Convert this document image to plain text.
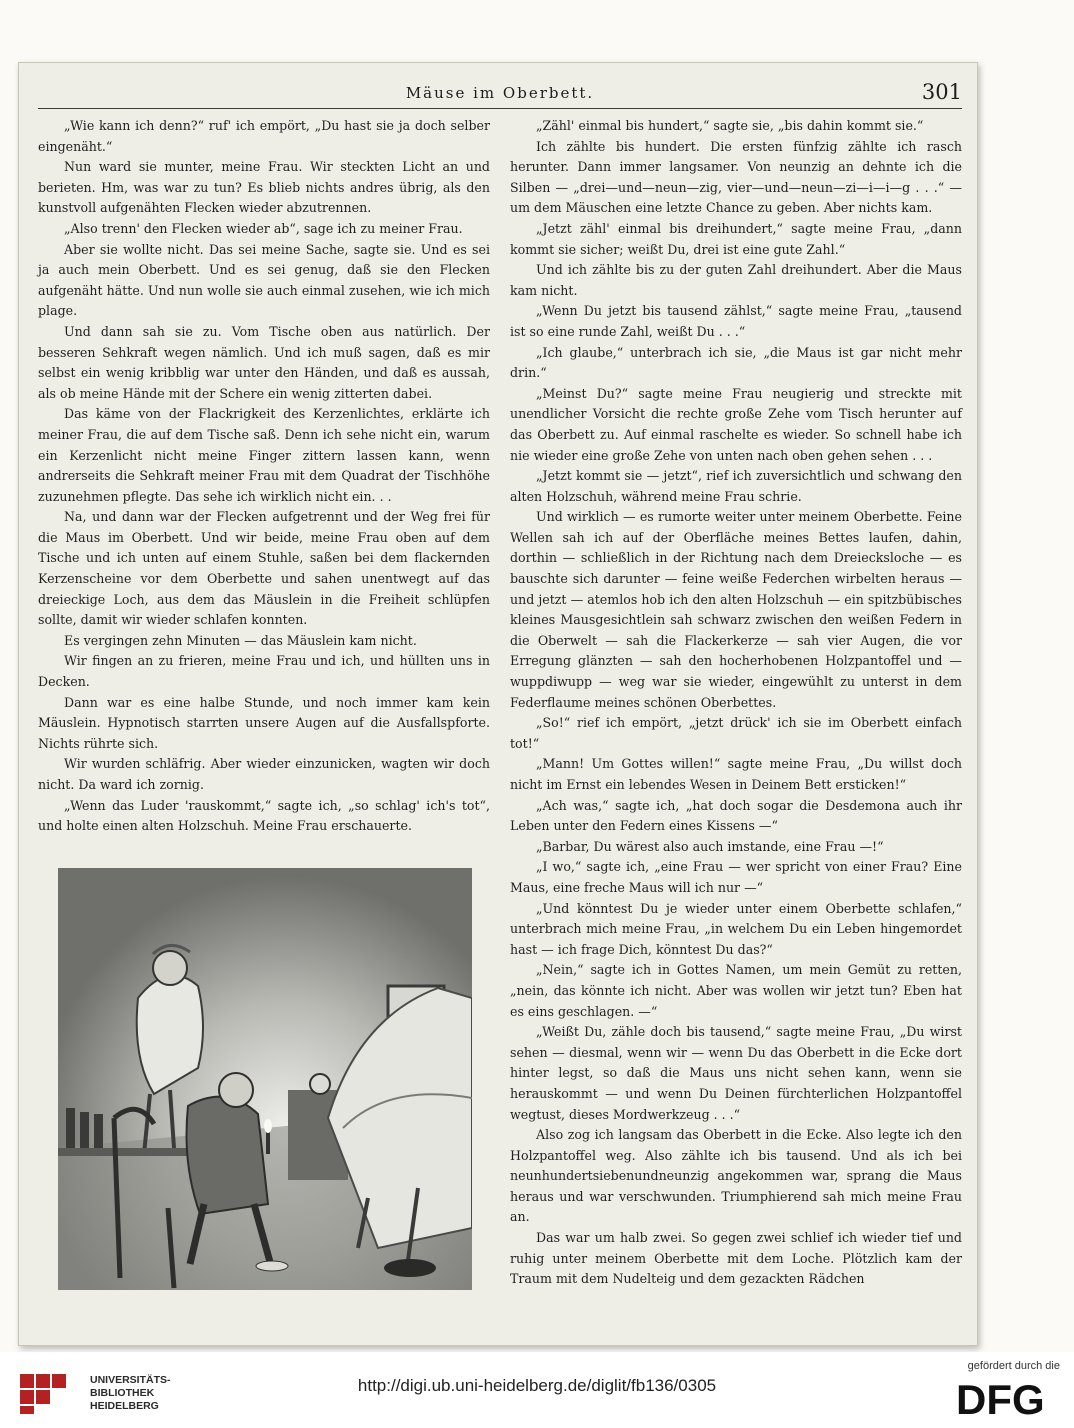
Mäuse im Oberbett.	301

„Wie kann ich denn?“ ruf' ich empört, „Du hast sie ja doch selber eingenäht.“

Nun ward sie munter, meine Frau. Wir steckten Licht an und berieten. Hm, was war zu tun? Es blieb nichts andres übrig, als den kunstvoll aufgenähten Flecken wieder abzutrennen.

„Also trenn' den Flecken wieder ab“, sage ich zu meiner Frau.

Aber sie wollte nicht. Das sei meine Sache, sagte sie. Und es sei ja auch mein Oberbett. Und es sei genug, daß sie den Flecken aufgenäht hätte. Und nun wolle sie auch einmal zusehen, wie ich mich plage.

Und dann sah sie zu. Vom Tische oben aus natürlich. Der besseren Sehkraft wegen nämlich. Und ich muß sagen, daß es mir selbst ein wenig kribblig war unter den Händen, und daß es aussah, als ob meine Hände mit der Schere ein wenig zitterten dabei.

Das käme von der Flackrigkeit des Kerzenlichtes, erklärte ich meiner Frau, die auf dem Tische saß. Denn ich sehe nicht ein, warum ein Kerzenlicht nicht meine Finger zittern lassen kann, wenn andrerseits die Sehkraft meiner Frau mit dem Quadrat der Tischhöhe zuzunehmen pflegte. Das sehe ich wirklich nicht ein. . .

Na, und dann war der Flecken aufgetrennt und der Weg frei für die Maus im Oberbett. Und wir beide, meine Frau oben auf dem Tische und ich unten auf einem Stuhle, saßen bei dem flackernden Kerzenscheine vor dem Oberbette und sahen unentwegt auf das dreieckige Loch, aus dem das Mäuslein in die Freiheit schlüpfen sollte, damit wir wieder schlafen konnten.

Es vergingen zehn Minuten — das Mäuslein kam nicht.

Wir fingen an zu frieren, meine Frau und ich, und hüllten uns in Decken.

Dann war es eine halbe Stunde, und noch immer kam kein Mäuslein. Hypnotisch starrten unsere Augen auf die Ausfallspforte. Nichts rührte sich.

Wir wurden schläfrig. Aber wieder einzunicken, wagten wir doch nicht. Da ward ich zornig.

„Wenn das Luder 'rauskommt,“ sagte ich, „so schlag' ich's tot“, und holte einen alten Holzschuh. Meine Frau erschauerte.

„Zähl' einmal bis hundert,“ sagte sie, „bis dahin kommt sie.“

Ich zählte bis hundert. Die ersten fünfzig zählte ich rasch herunter. Dann immer langsamer. Von neunzig an dehnte ich die Silben — „drei—und—neun—zig, vier—und—neun—zi—i—i—g . . .“ — um dem Mäuschen eine letzte Chance zu geben. Aber nichts kam.

„Jetzt zähl' einmal bis dreihundert,“ sagte meine Frau, „dann kommt sie sicher; weißt Du, drei ist eine gute Zahl.“

Und ich zählte bis zu der guten Zahl dreihundert. Aber die Maus kam nicht.

„Wenn Du jetzt bis tausend zählst,“ sagte meine Frau, „tausend ist so eine runde Zahl, weißt Du . . .“

„Ich glaube,“ unterbrach ich sie, „die Maus ist gar nicht mehr drin.“

„Meinst Du?“ sagte meine Frau neugierig und streckte mit unendlicher Vorsicht die rechte große Zehe vom Tisch herunter auf das Oberbett zu. Auf einmal raschelte es wieder. So schnell habe ich nie wieder eine große Zehe von unten nach oben gehen sehen . . .

„Jetzt kommt sie — jetzt“, rief ich zuversichtlich und schwang den alten Holzschuh, während meine Frau schrie.

Und wirklich — es rumorte weiter unter meinem Oberbette. Feine Wellen sah ich auf der Oberfläche meines Bettes laufen, dahin, dorthin — schließlich in der Richtung nach dem Dreiecksloche — es bauschte sich darunter — feine weiße Federchen wirbelten heraus — und jetzt — atemlos hob ich den alten Holzschuh — ein spitzbübisches kleines Mausgesichtlein sah schwarz zwischen den weißen Federn in die Oberwelt — sah die Flackerkerze — sah vier Augen, die vor Erregung glänzten — sah den hocherhobenen Holzpantoffel und — wuppdiwupp — weg war sie wieder, eingewühlt zu unterst in dem Federflaume meines schönen Oberbettes.

„So!“ rief ich empört, „jetzt drück' ich sie im Oberbett einfach tot!“

„Mann! Um Gottes willen!“ sagte meine Frau, „Du willst doch nicht im Ernst ein lebendes Wesen in Deinem Bett ersticken!“

„Ach was,“ sagte ich, „hat doch sogar die Desdemona auch ihr Leben unter den Federn eines Kissens —“

„Barbar, Du wärest also auch imstande, eine Frau —!“

„I wo,“ sagte ich, „eine Frau — wer spricht von einer Frau? Eine Maus, eine freche Maus will ich nur —“

„Und könntest Du je wieder unter einem Oberbette schlafen,“ unterbrach mich meine Frau, „in welchem Du ein Leben hingemordet hast — ich frage Dich, könntest Du das?“

„Nein,“ sagte ich in Gottes Namen, um mein Gemüt zu retten, „nein, das könnte ich nicht. Aber was wollen wir jetzt tun? Eben hat es eins geschlagen. —“

„Weißt Du, zähle doch bis tausend,“ sagte meine Frau, „Du wirst sehen — diesmal, wenn wir — wenn Du das Oberbett in die Ecke dort hinter legst, so daß die Maus uns nicht sehen kann, wenn sie herauskommt — und wenn Du Deinen fürchterlichen Holzpantoffel wegtust, dieses Mordwerkzeug . . .“

Also zog ich langsam das Oberbett in die Ecke. Also legte ich den Holzpantoffel weg. Also zählte ich bis tausend. Und als ich bei neunhundertsiebenundneunzig angekommen war, sprang die Maus heraus und war verschwunden. Triumphierend sah mich meine Frau an.

Das war um halb zwei. So gegen zwei schlief ich wieder tief und ruhig unter meinem Oberbette mit dem Loche. Plötzlich kam der Traum mit dem Nudelteig und dem gezackten Rädchen

UNIVERSITÄTS-
BIBLIOTHEK
HEIDELBERG
http://digi.ub.uni-heidelberg.de/diglit/fb136/0305
gefördert durch die
DFG
